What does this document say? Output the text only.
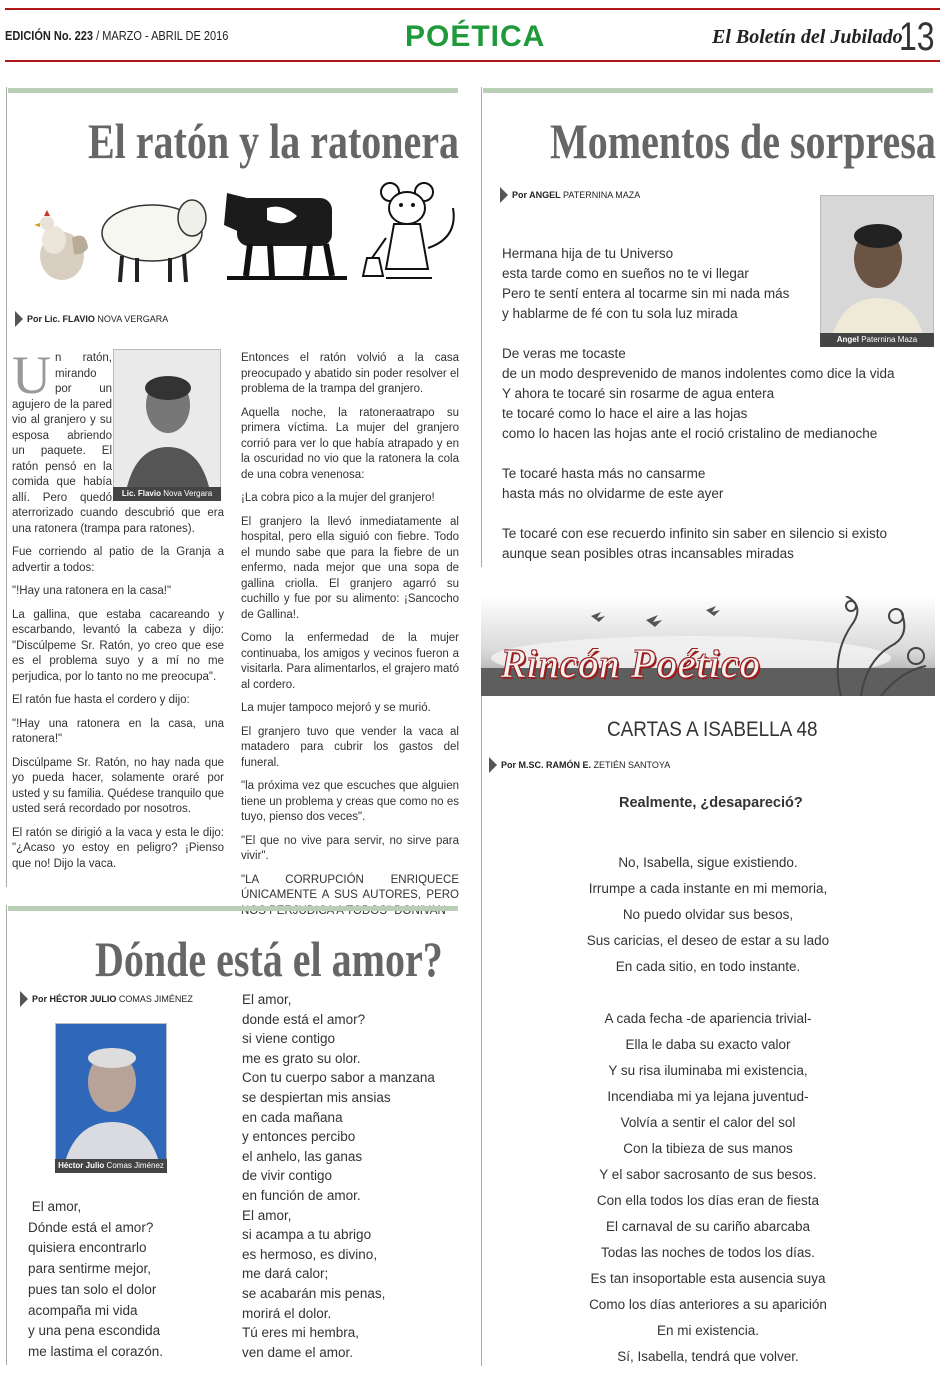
EDICIÓN No. 223 / MARZO - ABRIL DE 2016	POÉTICA	El Boletín del Jubilado
13
El ratón y la ratonera
Por Lic. FLAVIO NOVA VERGARA
Lic. Flavio Nova Vergara
U n ratón, mirando por un agujero de la pared vio al granjero y su esposa abriendo un paquete. El ratón pensó en la comida que había allí. Pero quedó aterrorizado cuando descubrió que era una ratonera (trampa para ratones).

Fue corriendo al patio de la Granja a advertir a todos:

"!Hay una ratonera en la casa!"

La gallina, que estaba cacareando y escarbando, levantó la cabeza y dijo: "Discúlpeme Sr. Ratón, yo creo que ese es el problema suyo y a mí no me perjudica, por lo tanto no me preocupa".

El ratón fue hasta el cordero y dijo:

"!Hay una ratonera en la casa, una ratonera!"

Discúlpame Sr. Ratón, no hay nada que yo pueda hacer, solamente oraré por usted y su familia. Quédese tranquilo que usted será recordado por nosotros.

El ratón se dirigió a la vaca y esta le dijo: "¿Acaso yo estoy en peligro? ¡Pienso que no! Dijo la vaca.

Entonces el ratón volvió a la casa preocupado y abatido sin poder resolver el problema de la trampa del granjero.

Aquella noche, la ratoneraatrapo su primera víctima. La mujer del granjero corrió para ver lo que había atrapado y en la oscuridad no vio que la ratonera la cola de una cobra venenosa:

¡La cobra pico a la mujer del granjero!

El granjero la llevó inmediatamente al hospital, pero ella siguió con fiebre. Todo el mundo sabe que para la fiebre de un enfermo, nada mejor que una sopa de gallina criolla. El granjero agarró su cuchillo y fue por su alimento: ¡Sancocho de Gallina!.

Como la enfermedad de la mujer continuaba, los amigos y vecinos fueron a visitarla. Para alimentarlos, el grajero mató al cordero.

La mujer tampoco mejoró y se murió.

El granjero tuvo que vender la vaca al matadero para cubrir los gastos del funeral.

"la próxima vez que escuches que alguien tiene un problema y creas que como no es tuyo, pienso dos veces".

"El que no vive para servir, no sirve para vivir".

"LA CORRUPCIÓN ENRIQUECE ÚNICAMENTE A SUS AUTORES, PERO

Momentos de sorpresa
Por ANGEL PATERNINA MAZA
Angel Paternina Maza
Hermana hija de tu Universo
esta tarde como en sueños no te vi llegar
Pero te sentí entera al tocarme sin mi nada más
y hablarme de fé con tu sola luz mirada
De veras me tocaste
de un modo desprevenido de manos indolentes como dice la vida
Y ahora te tocaré sin rosarme de agua entera
te tocaré como lo hace el aire a las hojas
como lo hacen las hojas ante el roció cristalino de medianoche
Te tocaré hasta más no cansarme
hasta más no olvidarme de este ayer
Te tocaré con ese recuerdo infinito sin saber en silencio si existo
aunque sean posibles otras incansables miradas
Rincón Poético
CARTAS A ISABELLA 48
Por M.SC. RAMÓN E. ZETIÉN SANTOYA
Realmente, ¿desapareció?
No, Isabella, sigue existiendo.
Irrumpe a cada instante en mi memoria,
No puedo olvidar sus besos,
Sus caricias, el deseo de estar a su lado
En cada sitio, en todo instante.
A cada fecha -de apariencia trivial-
Ella le daba su exacto valor
Y su risa iluminaba mi existencia,
Incendiaba mi ya lejana juventud-
Volvía a sentir el calor del sol
Con la tibieza de sus manos
Y el sabor sacrosanto de sus besos.
Con ella todos los días eran de fiesta
El carnaval de su cariño abarcaba
Todas las noches de todos los días.
Es tan insoportable esta ausencia suya
Como los días anteriores a su aparición
En mi existencia.
Sí, Isabella, tendrá que volver.
Dónde está el amor?
Por HÉCTOR JULIO COMAS JIMÉNEZ
Héctor Julio Comas Jiménez
El amor,
Dónde está el amor?
quisiera encontrarlo
para sentirme mejor,
pues tan solo el dolor
acompaña mi vida
y una pena escondida
me lastima el corazón.
El amor,
donde está el amor?
si viene contigo
me es grato su olor.
Con tu cuerpo sabor a manzana
se despiertan mis ansias
en cada mañana
y entonces percibo
el anhelo, las ganas
de vivir contigo
en función de amor.
El amor,
si acampa a tu abrigo
es hermoso, es divino,
me dará calor;
se acabarán mis penas,
morirá el dolor.
Tú eres mi hembra,
ven dame el amor.
